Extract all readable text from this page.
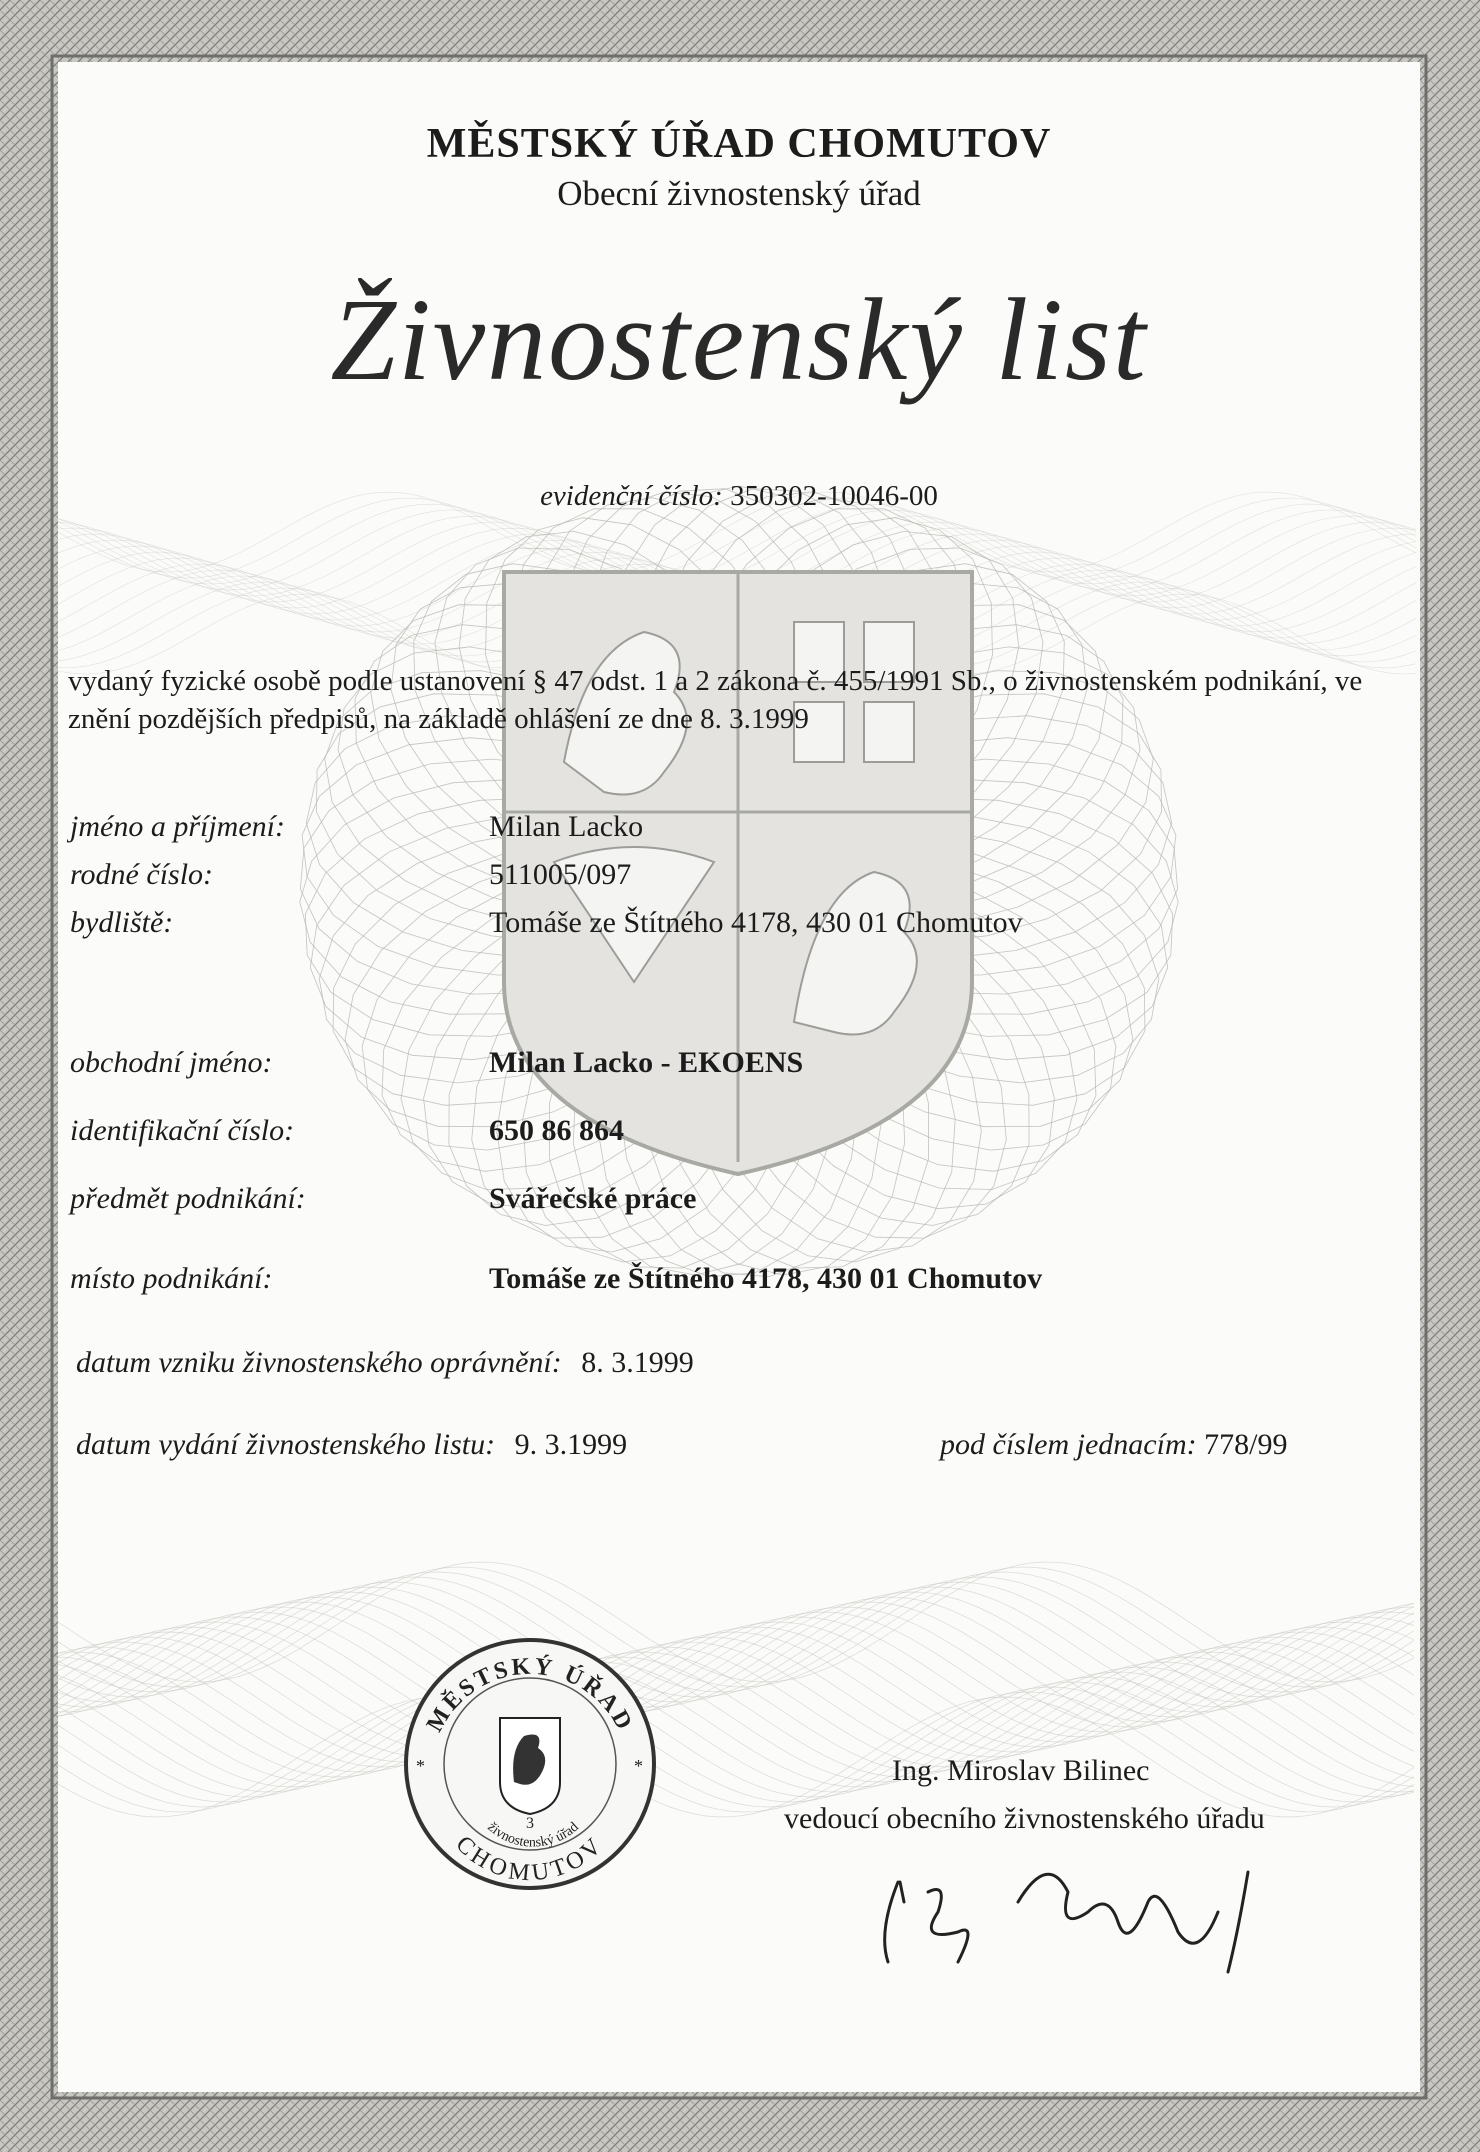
MĚSTSKÝ ÚŘAD CHOMUTOV
Obecní živnostenský úřad
Živnostenský list
evidenční číslo: 350302-10046-00
vydaný fyzické osobě podle ustanovení § 47 odst. 1 a 2 zákona č. 455/1991 Sb., o živnostenském podnikání, ve znění pozdějších předpisů, na základě ohlášení ze dne 8. 3.1999
jméno a příjmení:	Milan Lacko
rodné číslo:	511005/097
bydliště:	Tomáše ze Štítného 4178, 430 01 Chomutov
obchodní jméno:	Milan Lacko - EKOENS
identifikační číslo:	650 86 864
předmět podnikání:	Svářečské práce
místo podnikání:	Tomáše ze Štítného 4178, 430 01 Chomutov
datum vzniku živnostenského oprávnění: 8. 3.1999
datum vydání živnostenského listu: 9. 3.1999	pod číslem jednacím: 778/99
MĚSTSKÝ ÚŘAD
CHOMUTOV
živnostenský úřad
3
*	*	Ing. Miroslav Bilinec
vedoucí obecního živnostenského úřadu
